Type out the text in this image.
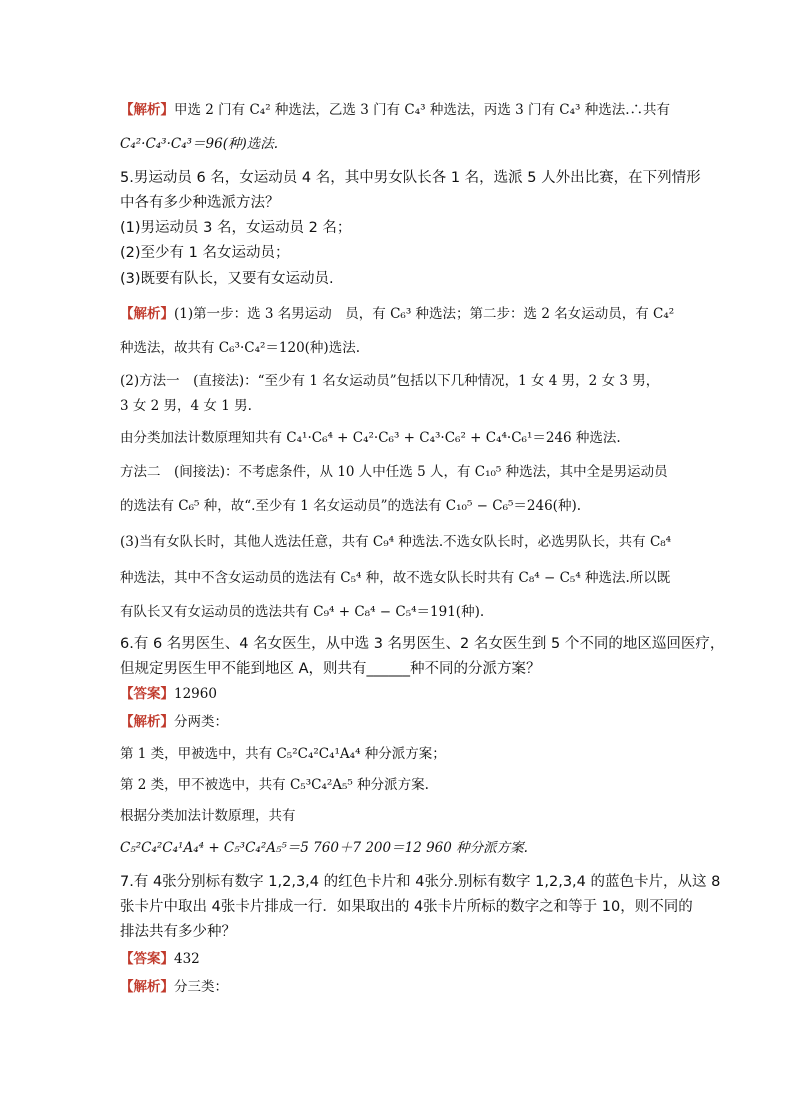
【解析】甲选 2 门有 C₄² 种选法，乙选 3 门有 C₄³ 种选法，丙选 3 门有 C₄³ 种选法.∴共有
C₄²·C₄³·C₄³＝96(种)选法.
5.男运动员 6 名，女运动员 4 名，其中男女队长各 1 名，选派 5 人外出比赛，在下列情形
中各有多少种选派方法？
(1)男运动员 3 名，女运动员 2 名；
(2)至少有 1 名女运动员；
(3)既要有队长，又要有女运动员.
【解析】(1)第一步：选 3 名男运动　员，有 C₆³ 种选法；第二步：选 2 名女运动员，有 C₄²
种选法，故共有 C₆³·C₄²＝120(种)选法.
(2)方法一　(直接法)：“至少有 1 名女运动员”包括以下几种情况，1 女 4 男，2 女 3 男，
3 女 2 男，4 女 1 男.
由分类加法计数原理知共有 C₄¹·C₆⁴ + C₄²·C₆³ + C₄³·C₆² + C₄⁴·C₆¹＝246 种选法.
方法二　(间接法)：不考虑条件，从 10 人中任选 5 人，有 C₁₀⁵ 种选法，其中全是男运动员
的选法有 C₆⁵ 种，故“.至少有 1 名女运动员”的选法有 C₁₀⁵ − C₆⁵＝246(种).
(3)当有女队长时，其他人选法任意，共有 C₉⁴ 种选法.不选女队长时，必选男队长，共有 C₈⁴
种选法，其中不含女运动员的选法有 C₅⁴ 种，故不选女队长时共有 C₈⁴ − C₅⁴ 种选法.所以既
有队长又有女运动员的选法共有 C₉⁴ + C₈⁴ − C₅⁴＝191(种).
6.有 6 名男医生、4 名女医生，从中选 3 名男医生、2 名女医生到 5 个不同的地区巡回医疗，
但规定男医生甲不能到地区 A，则共有______种不同的分派方案？
【答案】12960
【解析】分两类：
第 1 类，甲被选中，共有 C₅²C₄²C₄¹A₄⁴ 种分派方案；
第 2 类，甲不被选中，共有 C₅³C₄²A₅⁵ 种分派方案.
根据分类加法计数原理，共有
C₅²C₄²C₄¹A₄⁴ + C₅³C₄²A₅⁵＝5 760＋7 200＝12 960 种分派方案.
7.有 4张分别标有数字 1,2,3,4 的红色卡片和 4张分.别标有数字 1,2,3,4 的蓝色卡片，从这 8
张卡片中取出 4张卡片排成一行．如果取出的 4张卡片所标的数字之和等于 10，则不同的
排法共有多少种？
【答案】432
【解析】分三类：
